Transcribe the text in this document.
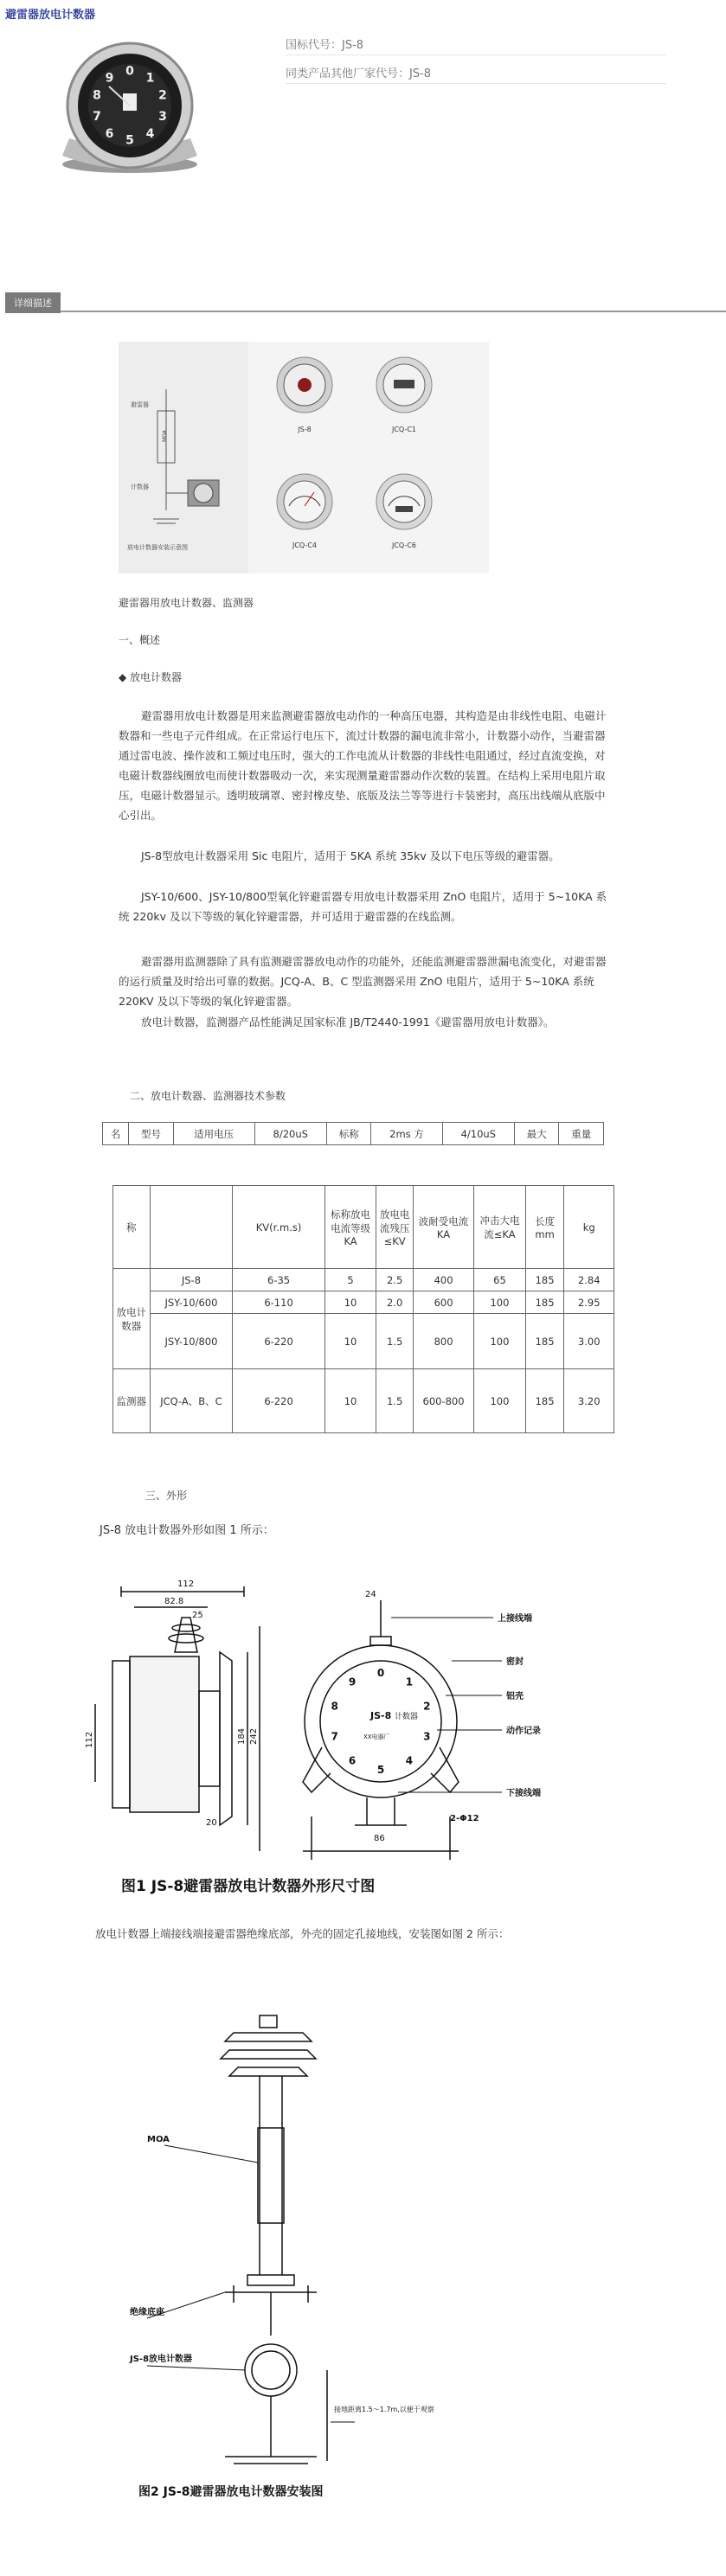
避雷器放电计数器
0 1
2
3
4
5
6
7
8
9
国标代号：JS-8
同类产品其他厂家代号：JS-8
详细描述
避雷器
MOA
计数器
放电计数器安装示意图
JS-8	JCQ-C1
JCQ-C4	JCQ-C6
避雷器用放电计数器、监测器
一、概述
◆ 放电计数器
避雷器用放电计数器是用来监测避雷器放电动作的一种高压电器，其构造是由非线性电阻、电磁计数器和一些电子元件组成。在正常运行电压下，流过计数器的漏电流非常小，计数器小动作，当避雷器通过雷电波、操作波和工频过电压时，强大的工作电流从计数器的非线性电阻通过，经过直流变换，对电磁计数器线圈放电而使计数器吸动一次，来实现测量避雷器动作次数的装置。在结构上采用电阻片取压，电磁计数器显示。透明玻璃罩、密封橡皮垫、底版及法兰等等进行卡装密封，高压出线端从底版中心引出。
JS-8型放电计数器采用 Sic 电阻片，适用于 5KA 系统 35kv 及以下电压等级的避雷器。
JSY-10/600、JSY-10/800型氧化锌避雷器专用放电计数器采用 ZnO 电阻片，适用于 5~10KA 系统 220kv 及以下等级的氧化锌避雷器，并可适用于避雷器的在线监测。
避雷器用监测器除了具有监测避雷器放电动作的功能外，还能监测避雷器泄漏电流变化，对避雷器的运行质量及时给出可靠的数据。JCQ-A、B、C 型监测器采用 ZnO 电阻片，适用于 5~10KA 系统 220KV 及以下等级的氧化锌避雷器。
放电计数器，监测器产品性能满足国家标准 JB/T2440-1991《避雷器用放电计数器》。
二、放电计数器、监测器技术参数
名	型号	适用电压	8/20uS	标称	2ms 方	4/10uS	最大	重量
称		KV(r.m.s)	标称放电电流等级KA	放电电流残压≤KV	波耐受电流KA	冲击大电流≤KA	长度mm	kg
放电计数器	JS-8	6-35	5	2.5	400	65	185	2.84
	JSY-10/600	6-110	10	2.0	600	100	185	2.95
	JSY-10/800	6-220	10	1.5	800	100	185	3.00
监测器	JCQ-A、B、C	6-220	10	1.5	600-800	100	185	3.20
三、外形
JS-8 放电计数器外形如图 1 所示：
112
82.8
25
112	184 242
20
0
1
2
3
4
5
6
7
8
9
JS-8 计数器
XX电器厂
24
86
2-Φ12
上接线端
密封
铝壳
动作记录
下接线端
图1 JS-8避雷器放电计数器外形尺寸图
放电计数器上端接线端接避雷器绝缘底部，外壳的固定孔接地线，安装图如图 2 所示：
MOA
绝缘底座
JS-8放电计数器
接地距离1.5～1.7m,以便于观察
图2 JS-8避雷器放电计数器安装图
